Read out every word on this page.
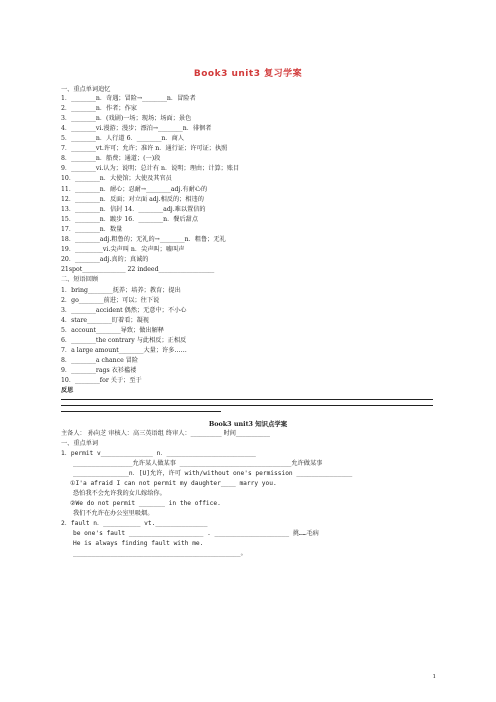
Book3 unit3 复习学案
一、重点单词追忆
1．________n．奇遇；冒险→________n．冒险者
2．________n．作者；作家
3．________n．(戏剧)一场；现场；场面；景色
4．________vi.漫游；漫步；漂泊→________n．徘徊者
5．________n．人行道 6．________n．商人
7．________vt.许可；允许；准许 n．通行证；许可证；执照
8．________n．船费；通道；(一)段
9．________vi.认为；说明；总计有 n．说明；理由；计算；账目
10．________n．大使馆；大使及其官员
11．________n．耐心；忍耐→________adj.有耐心的
12．________n．反面；对立面 adj.相反的；相违的
13．________n．信封 14．________adj.难以置信的
15．________n．踱步 16．________n．餐后甜点
17．________n．数量
18．________adj.粗鲁的；无礼的→________n．粗鲁；无礼
19．_________vi.尖声叫 n．尖声叫；嘘叫声
20．________adj.真的；真诚的
21spot______________ 22 indeed__________________
二、短语回顾
1．bring________抚养；培养；教育；提出
2．go________前进；可以；往下说
3．________accident 偶然；无意中；不小心
4．stare________盯着看；凝视
5．account________导致；做出解释
6．________the contrary 与此相反；正相反
7．a large amount________大量；许多……
8．________a chance 冒险
9．________rags 衣衫褴褛
10．________for 关于；至于
反思
Book3 unit3 知识点学案
主备人： 孙向芝 审核人：高三英语组 终审人：__________ 时间___________
一、重点单词
1．permit v______________ n．________________________
________________允许某人做某事 ______________________________允许做某事
_______________n．[U]允许，许可 with/without one's permission _______________
①I'a afraid I can not permit my daughter____ marry you.
恐怕我不会允许我的女儿嫁给你。
②We do not permit _______ in the office.
我们不允许在办公室里吸烟。
2．fault n．__________ vt.______________
be one's fault ____________________ . ____________________ 挑……毛病
He is always finding fault with me.
_____________________________________________。
1
